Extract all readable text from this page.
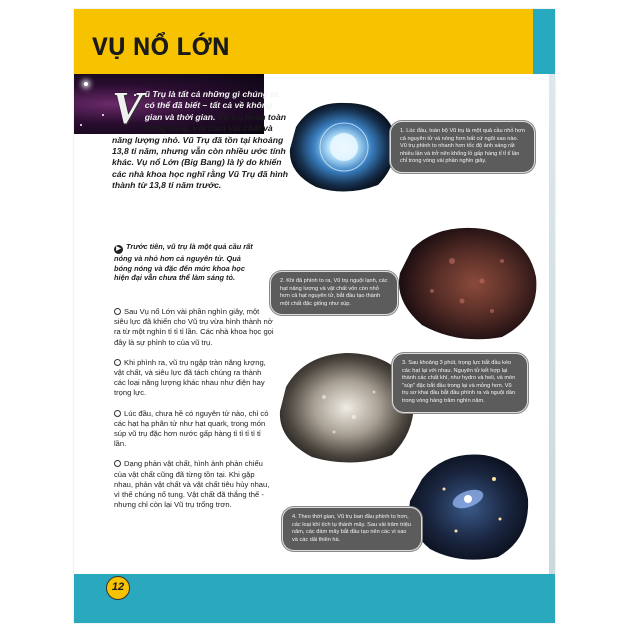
VỤ NỔ LỚN
Vũ Trụ là tất cả những gì chúng ta có thể đã biết – tất cả về không gian và thời gian. Vũ trụ hoàn toàn trống rỗng, với cụm vật chất và năng lượng nhỏ. Vũ Trụ đã tồn tại khoảng 13,8 tỉ năm, nhưng vẫn còn nhiều ước tính khác. Vụ nổ Lớn (Big Bang) là lý do khiến các nhà khoa học nghĩ rằng Vũ Trụ đã hình thành từ 13,8 tỉ năm trước.
▶ Trước tiên, vũ trụ là một quả cầu rất nóng và nhỏ hơn cả nguyên tử. Quả bóng nóng và đặc đến mức khoa học hiện đại vẫn chưa thể làm sáng tỏ.
Sau Vụ nổ Lớn vài phần nghìn giây, một siêu lực đã khiến cho Vũ trụ vừa hình thành nở ra từ một nghìn tỉ tỉ tỉ lần. Các nhà khoa học gọi đây là sự phình to của vũ trụ.
Khi phình ra, vũ trụ ngập tràn năng lượng, vật chất, và siêu lực đã tách chúng ra thành các loại năng lượng khác nhau như điện hay trọng lực.
Lúc đầu, chưa hề có nguyên tử nào, chỉ có các hạt hạ phân tử như hạt quark, trong món súp vũ trụ đặc hơn nước gấp hàng tỉ tỉ tỉ tỉ tỉ lần.
Dạng phản vật chất, hình ảnh phản chiếu của vật chất cũng đã từng tồn tại. Khi gặp nhau, phản vật chất và vật chất tiêu hủy nhau, vì thế chúng nổ tung. Vật chất đã thắng thế - nhưng chỉ còn lại Vũ trụ trống trơn.
1. Lúc đầu, toàn bộ Vũ trụ là một quả cầu nhỏ hơn cả nguyên tử và nóng hơn bất cứ ngôi sao nào. Vũ trụ phình to nhanh hơn tốc độ ánh sáng rất nhiều lần và trở nên khổng lồ gấp hàng tỉ tỉ tỉ lần chỉ trong vòng vài phần nghìn giây.
2. Khi đã phình to ra, Vũ trụ nguội lạnh, các hạt năng lượng và vật chất vốn còn nhỏ hơn cả hạt nguyên tử, bắt đầu tạo thành một chất đặc giống như súp.
3. Sau khoảng 3 phút, trọng lực bắt đầu kéo các hạt lại với nhau. Nguyên tử kết hợp lại thành các chất khí, như hydro và heli, và món "súp" đặc bắt đầu trong lại và mỏng hơn. Vũ trụ sơ khai đầu bắt đầu phình ra và nguội dần trong vòng hàng trăm nghìn năm.
4. Theo thời gian, Vũ trụ ban đầu phình to hơn, các loại khí tích tụ thành mây. Sau vài trăm triệu năm, các đám mây bắt đầu tạo nên các vì sao và các dải thiên hà.
12
